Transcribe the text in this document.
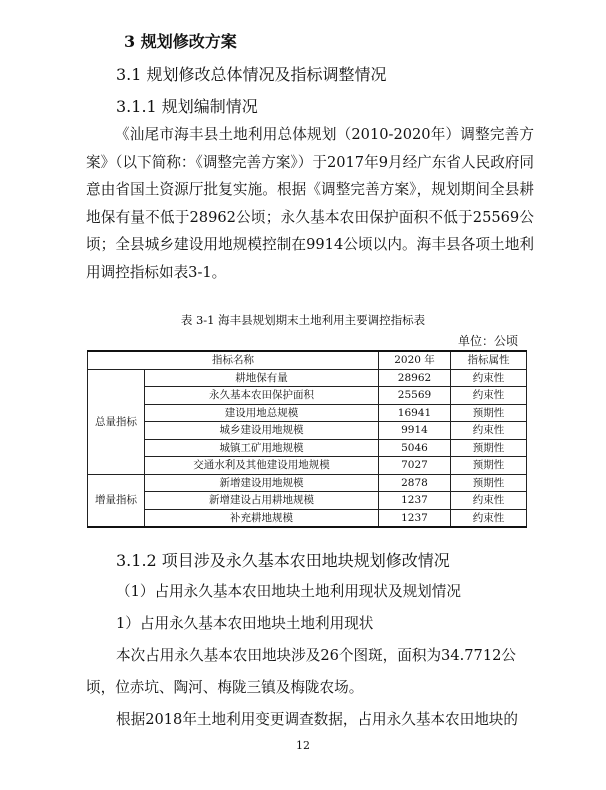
3 规划修改方案
3.1 规划修改总体情况及指标调整情况
3.1.1 规划编制情况
《汕尾市海丰县土地利用总体规划（2010-2020年）调整完善方案》（以下简称：《调整完善方案》）于2017年9月经广东省人民政府同意由省国土资源厅批复实施。根据《调整完善方案》，规划期间全县耕地保有量不低于28962公顷；永久基本农田保护面积不低于25569公顷；全县城乡建设用地规模控制在9914公顷以内。海丰县各项土地利用调控指标如表3-1。
表 3-1 海丰县规划期末土地利用主要调控指标表
单位：公顷
指标名称		2020 年	指标属性
总量指标	耕地保有量	28962	约束性
	永久基本农田保护面积	25569	约束性
	建设用地总规模	16941	预期性
	城乡建设用地规模	9914	约束性
	城镇工矿用地规模	5046	预期性
	交通水利及其他建设用地规模	7027	预期性
增量指标	新增建设用地规模	2878	预期性
	新增建设占用耕地规模	1237	约束性
	补充耕地规模	1237	约束性
3.1.2 项目涉及永久基本农田地块规划修改情况
（1）占用永久基本农田地块土地利用现状及规划情况
1）占用永久基本农田地块土地利用现状
本次占用永久基本农田地块涉及26个图斑，面积为34.7712公
顷，位赤坑、陶河、梅陇三镇及梅陇农场。
根据2018年土地利用变更调查数据，占用永久基本农田地块的
12
